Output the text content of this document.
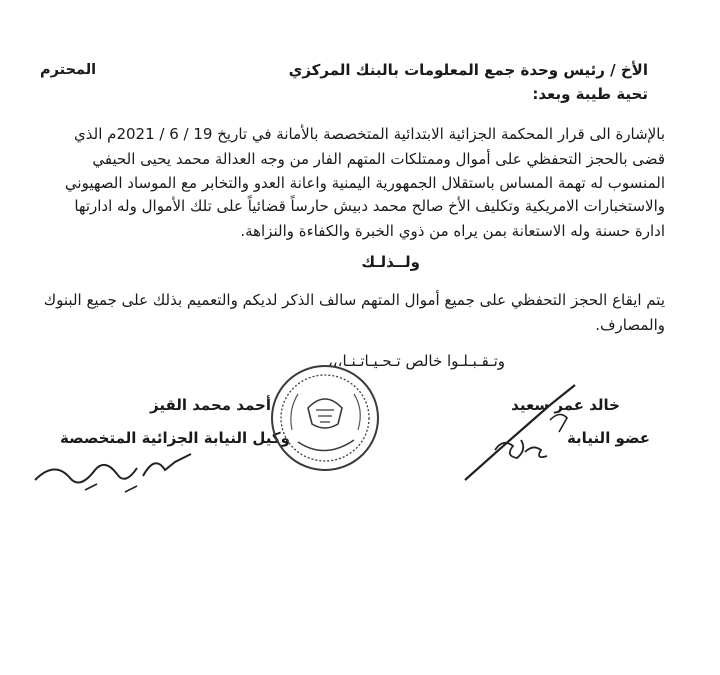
الأخ / رئيس وحدة جمع المعلومات بالبنك المركزي
المحترم
تحية طيبة وبعد:
بالإشارة الى قرار المحكمة الجزائية الابتدائية المتخصصة بالأمانة في تاريخ 19 / 6 / 2021م الذي
قضى بالحجز التحفظي على أموال وممتلكات المتهم الفار من وجه العدالة محمد يحيى الحيفي
المنسوب له تهمة المساس باستقلال الجمهورية اليمنية واعانة العدو والتخابر مع الموساد الصهيوني
والاستخبارات الامريكية وتكليف الأخ صالح محمد دبيش حارساً قضائياً على تلك الأموال وله ادارتها
ادارة حسنة وله الاستعانة بمن يراه من ذوي الخبرة والكفاءة والنزاهة.
ولــذلـك
يتم ايقاع الحجز التحفظي على جميع أموال المتهم سالف الذكر لديكم والتعميم بذلك على جميع البنوك
والمصارف.
وتـقـبـلـوا خالص تـحـيـاتـنـا،،،
خالد عمر سعيد
عضو النيابة
أحمد محمد القيز
وكيل النيابة الجزائية المتخصصة
